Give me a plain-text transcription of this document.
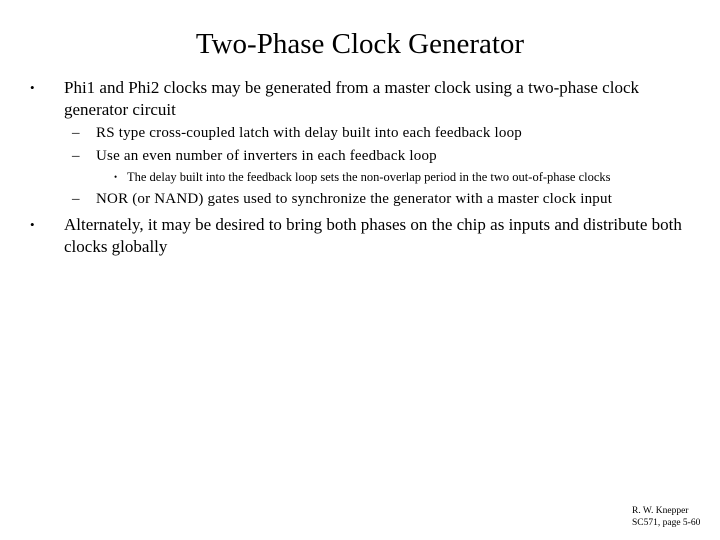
Two-Phase Clock Generator
•	Phi1 and Phi2 clocks may be generated from a master clock using a two-phase clock generator circuit
–	RS type cross-coupled latch with delay built into each feedback loop
–	Use an even number of inverters in each feedback loop
• The delay built into the feedback loop sets the non-overlap period in the two out-of-phase clocks
–	NOR (or NAND) gates used to synchronize the generator with a master clock input
•	Alternately, it may be desired to bring both phases on the chip as inputs and distribute both clocks globally
R. W. Knepper
SC571, page 5-60
